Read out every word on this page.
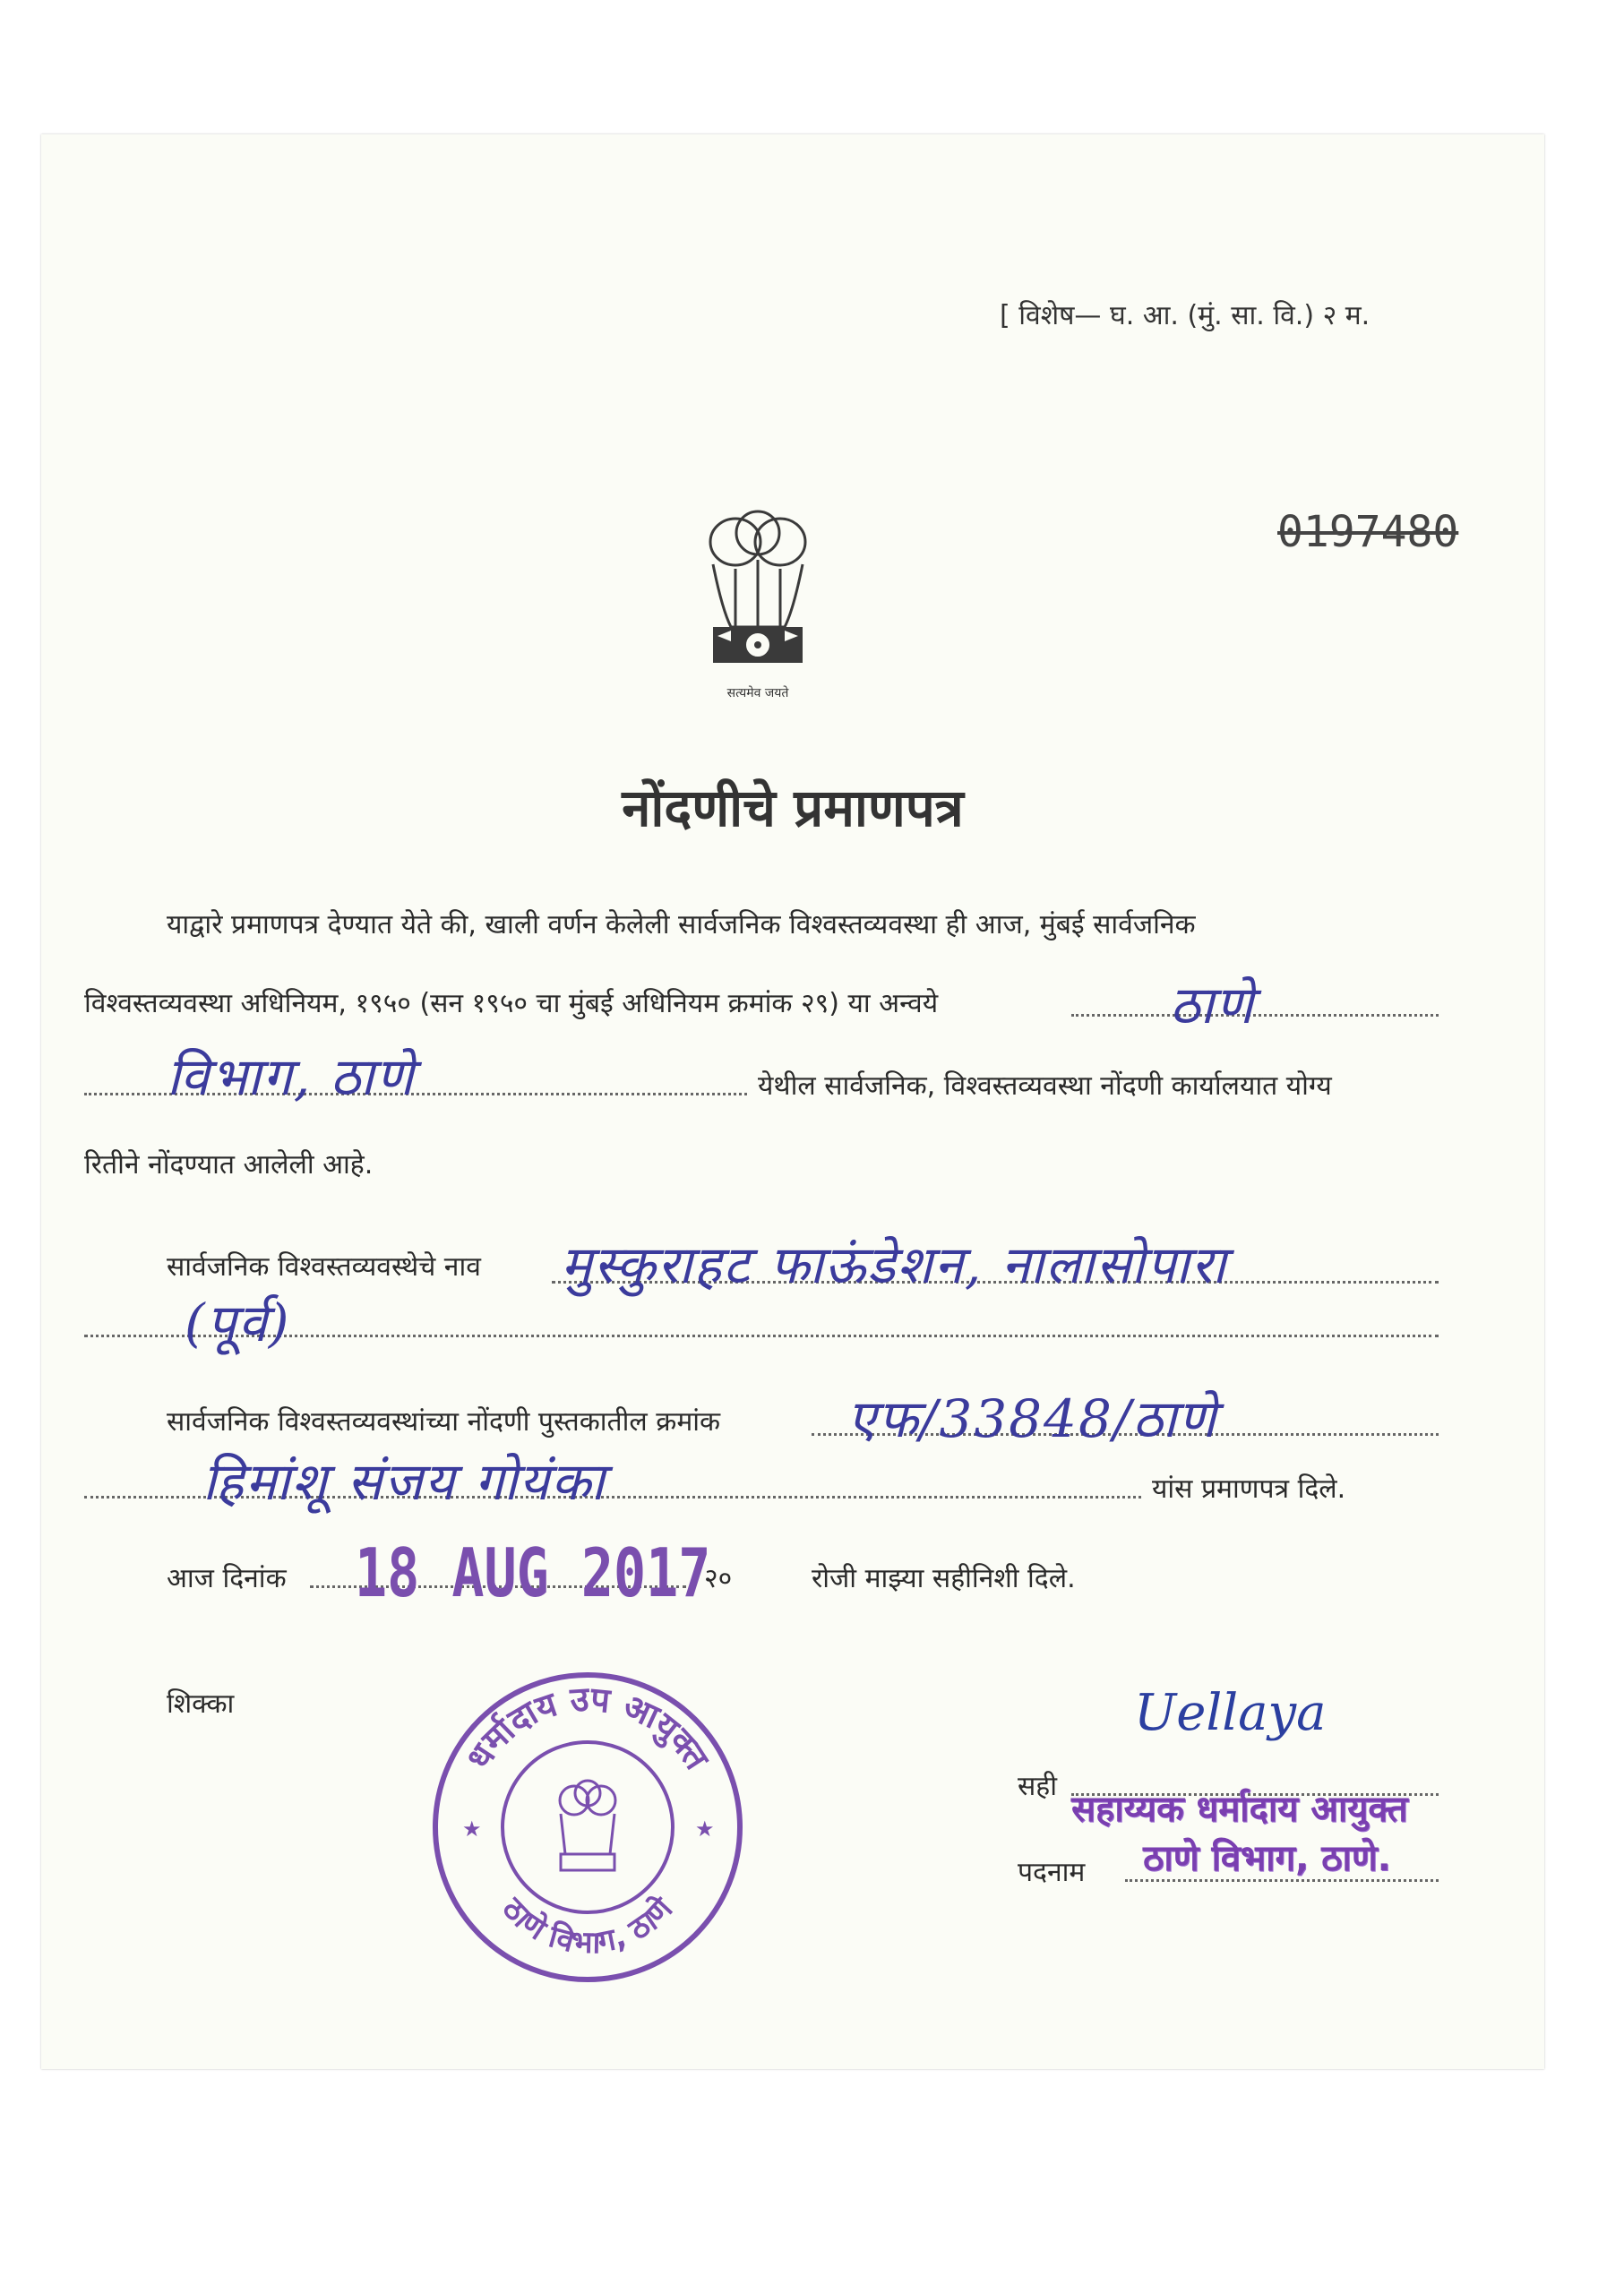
[ विशेष— घ. आ. (मुं. सा. वि.) २ म.
0197480
सत्यमेव जयते
नोंदणीचे प्रमाणपत्र
याद्वारे प्रमाणपत्र देण्यात येते की, खाली वर्णन केलेली सार्वजनिक विश्वस्तव्यवस्था ही आज, मुंबई सार्वजनिक
विश्वस्तव्यवस्था अधिनियम, १९५० (सन १९५० चा मुंबई अधिनियम क्रमांक २९) या अन्वये	ठाणे
विभाग, ठाणे	येथील सार्वजनिक, विश्वस्तव्यवस्था नोंदणी कार्यालयात योग्य
रितीने नोंदण्यात आलेली आहे.
सार्वजनिक विश्वस्तव्यवस्थेचे नाव मुस्कुराहट फाऊंडेशन, नालासोपारा
(पूर्व)
सार्वजनिक विश्वस्तव्यवस्थांच्या नोंदणी पुस्तकातील क्रमांक एफ/33848/ठाणे
हिमांशू संजय गोयंका	यांस प्रमाणपत्र दिले.
आज दिनांक 18 AUG 2017
२०	रोजी माझ्या सहीनिशी दिले.
शिक्का
धर्मादाय उप आयुक्त
ठाणे विभाग, ठाणे
★	★
Uellaya
सही
सहाय्यक धर्मादाय आयुक्त
पदनाम ठाणे विभाग, ठाणे.
